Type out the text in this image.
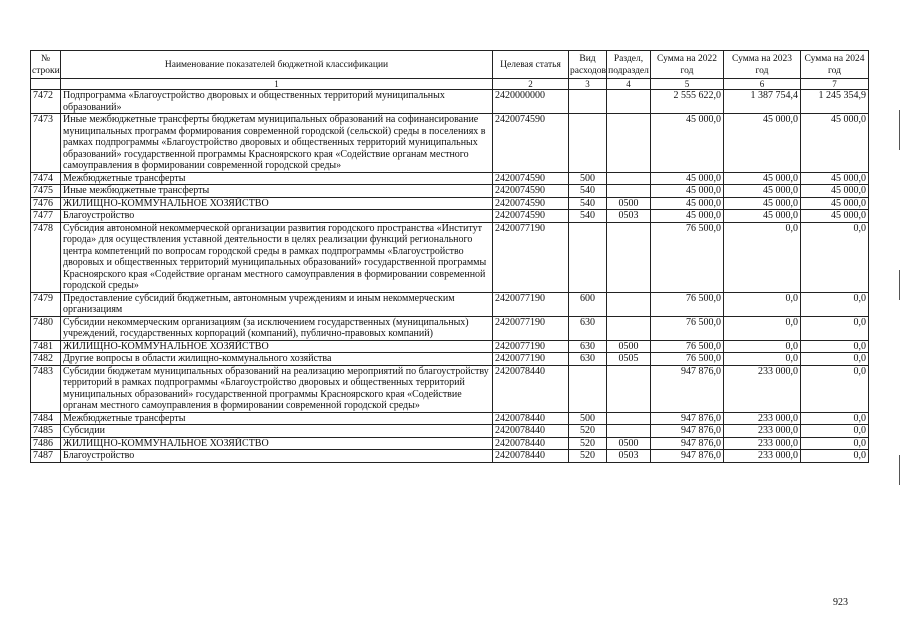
№ строки	Наименование показателей бюджетной классификации	Целевая статья	Вид расходов	Раздел, подраздел	Сумма на 2022 год	Сумма на 2023 год	Сумма на 2024 год
	1	2	3	4	5	6	7
7472	Подпрограмма «Благоустройство дворовых и общественных территорий муниципальных образований»	2420000000			2 555 622,0	1 387 754,4	1 245 354,9
7473	Иные межбюджетные трансферты бюджетам муниципальных образований на софинансирование муниципальных программ формирования современной городской (сельской) среды в поселениях в рамках подпрограммы «Благоустройство дворовых и общественных территорий муниципальных образований» государственной программы Красноярского края «Содействие органам местного самоуправления в формировании современной городской среды»	2420074590			45 000,0	45 000,0	45 000,0
7474	Межбюджетные трансферты	2420074590	500		45 000,0	45 000,0	45 000,0
7475	Иные межбюджетные трансферты	2420074590	540		45 000,0	45 000,0	45 000,0
7476	ЖИЛИЩНО-КОММУНАЛЬНОЕ ХОЗЯЙСТВО	2420074590	540	0500	45 000,0	45 000,0	45 000,0
7477	Благоустройство	2420074590	540	0503	45 000,0	45 000,0	45 000,0
7478	Субсидия автономной некоммерческой организации развития городского пространства «Институт города» для осуществления уставной деятельности в целях реализации функций регионального центра компетенций по вопросам городской среды в рамках подпрограммы «Благоустройство дворовых и общественных территорий муниципальных образований» государственной программы Красноярского края «Содействие органам местного самоуправления в формировании современной городской среды»	2420077190			76 500,0	0,0	0,0
7479	Предоставление субсидий бюджетным, автономным учреждениям и иным некоммерческим организациям	2420077190	600		76 500,0	0,0	0,0
7480	Субсидии некоммерческим организациям (за исключением государственных (муниципальных) учреждений, государственных корпораций (компаний), публично-правовых компаний)	2420077190	630		76 500,0	0,0	0,0
7481	ЖИЛИЩНО-КОММУНАЛЬНОЕ ХОЗЯЙСТВО	2420077190	630	0500	76 500,0	0,0	0,0
7482	Другие вопросы в области жилищно-коммунального хозяйства	2420077190	630	0505	76 500,0	0,0	0,0
7483	Субсидии бюджетам муниципальных образований на реализацию мероприятий по благоустройству территорий в рамках подпрограммы «Благоустройство дворовых и общественных территорий муниципальных образований» государственной программы Красноярского края «Содействие органам местного самоуправления в формировании современной городской среды»	2420078440			947 876,0	233 000,0	0,0
7484	Межбюджетные трансферты	2420078440	500		947 876,0	233 000,0	0,0
7485	Субсидии	2420078440	520		947 876,0	233 000,0	0,0
7486	ЖИЛИЩНО-КОММУНАЛЬНОЕ ХОЗЯЙСТВО	2420078440	520	0500	947 876,0	233 000,0	0,0
7487	Благоустройство	2420078440	520	0503	947 876,0	233 000,0	0,0
923
